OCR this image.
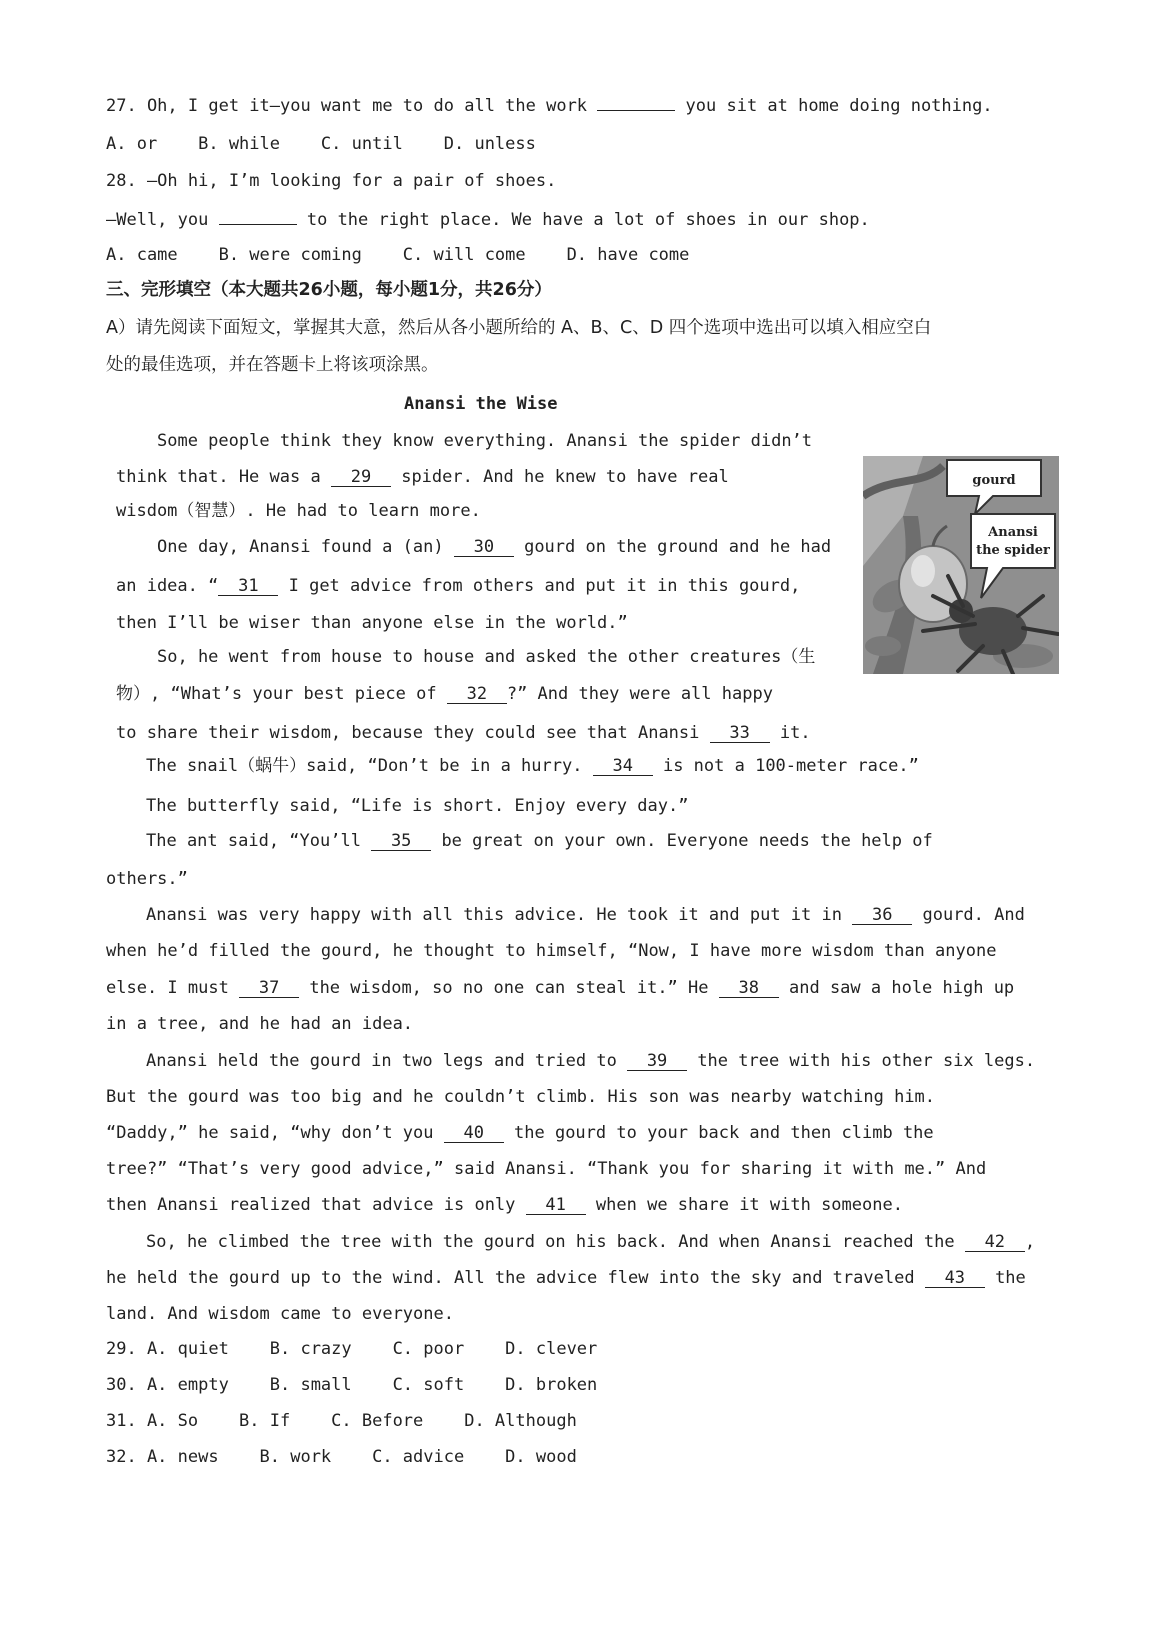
27. Oh, I get it—you want me to do all the work	you sit at home doing nothing.
A. or    B. while    C. until    D. unless
28. —Oh hi, I’m looking for a pair of shoes.
—Well, you	to the right place. We have a lot of shoes in our shop.
A. came    B. were coming    C. will come    D. have come
三、完形填空（本大题共26小题，每小题1分，共26分）
A）请先阅读下面短文，掌握其大意，然后从各小题所给的 A、B、C、D 四个选项中选出可以填入相应空白
处的最佳选项，并在答题卡上将该项涂黑。
Anansi the Wise
Some people think they know everything. Anansi the spider didn’t
think that. He was a 29 spider. And he knew to have real
wisdom（智慧）. He had to learn more.
One day, Anansi found a (an) 30 gourd on the ground and he had
an idea. “ 31 I get advice from others and put it in this gourd,
then I’ll be wiser than anyone else in the world.”
So, he went from house to house and asked the other creatures（生
物）, “What’s your best piece of 32 ?” And they were all happy
to share their wisdom, because they could see that Anansi 33 it.
The snail（蜗牛）said, “Don’t be in a hurry. 34 is not a 100-meter race.”
The butterfly said, “Life is short. Enjoy every day.”
The ant said, “You’ll 35 be great on your own. Everyone needs the help of
others.”
Anansi was very happy with all this advice. He took it and put it in 36 gourd. And
when he’d filled the gourd, he thought to himself, “Now, I have more wisdom than anyone
else. I must 37 the wisdom, so no one can steal it.” He 38 and saw a hole high up
in a tree, and he had an idea.
Anansi held the gourd in two legs and tried to 39 the tree with his other six legs.
But the gourd was too big and he couldn’t climb. His son was nearby watching him.
“Daddy,” he said, “why don’t you 40 the gourd to your back and then climb the
tree?” “That’s very good advice,” said Anansi. “Thank you for sharing it with me.” And
then Anansi realized that advice is only 41 when we share it with someone.
So, he climbed the tree with the gourd on his back. And when Anansi reached the 42 ,
he held the gourd up to the wind. All the advice flew into the sky and traveled 43 the
land. And wisdom came to everyone.
29. A. quiet    B. crazy    C. poor    D. clever
30. A. empty    B. small    C. soft    D. broken
31. A. So    B. If    C. Before    D. Although
32. A. news    B. work    C. advice    D. wood
gourd
Anansi
the spider
